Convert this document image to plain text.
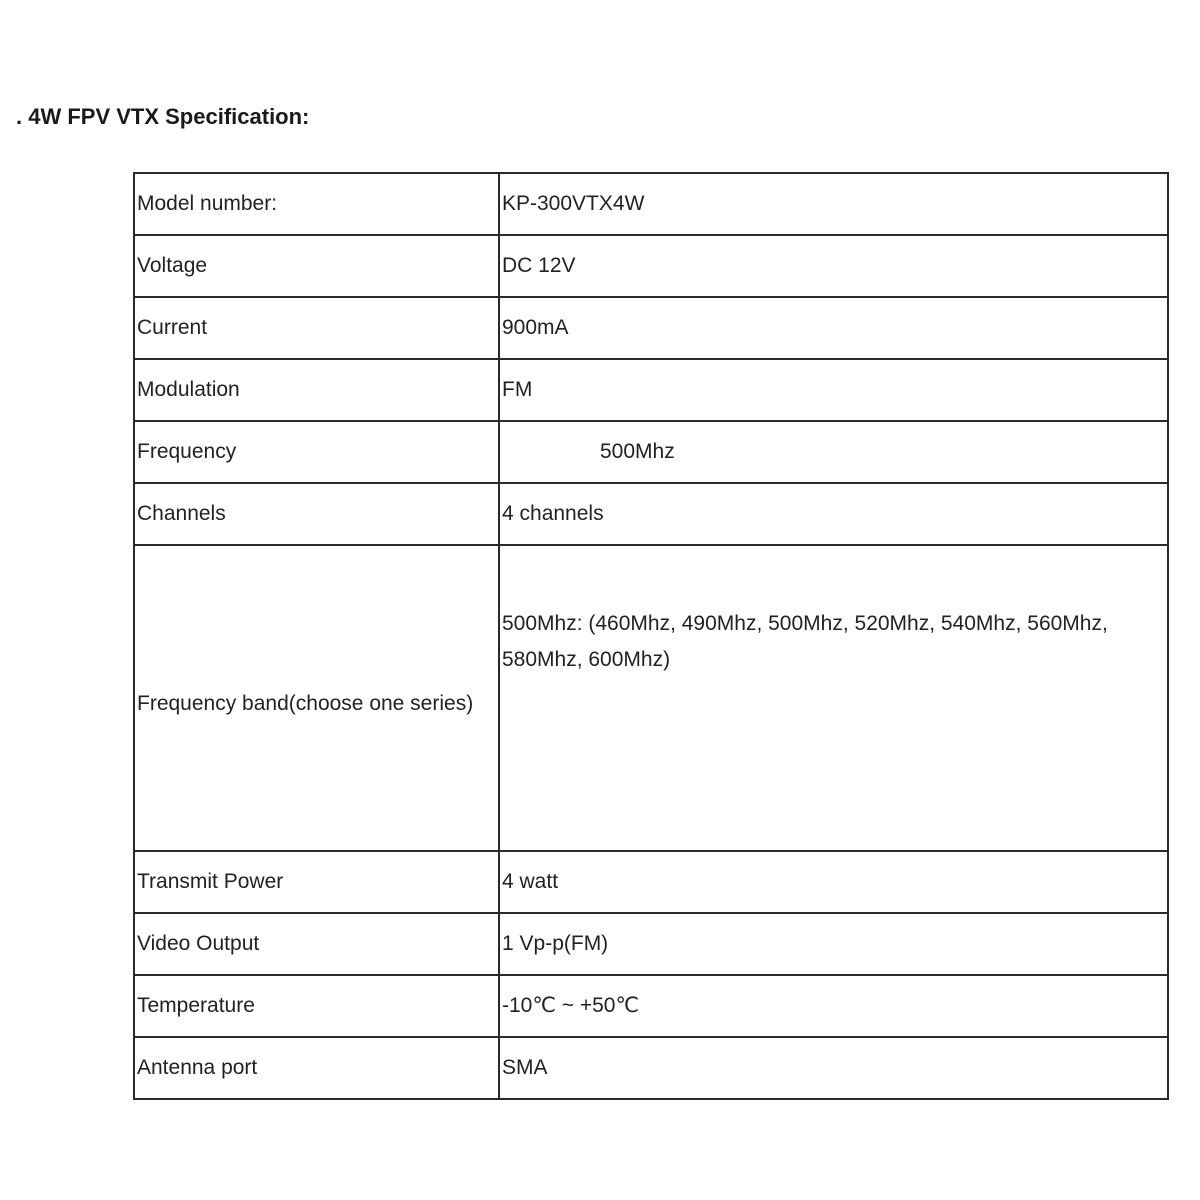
. 4W FPV VTX Specification:
Model number:	KP-300VTX4W
Voltage	DC 12V
Current	900mA
Modulation	FM
Frequency	500Mhz
Channels	4 channels
Frequency band(choose one series)	500Mhz: (460Mhz, 490Mhz, 500Mhz, 520Mhz, 540Mhz, 560Mhz, 580Mhz, 600Mhz)
Transmit Power	4 watt
Video Output	1 Vp-p(FM)
Temperature	-10℃ ~ +50℃
Antenna port	SMA
